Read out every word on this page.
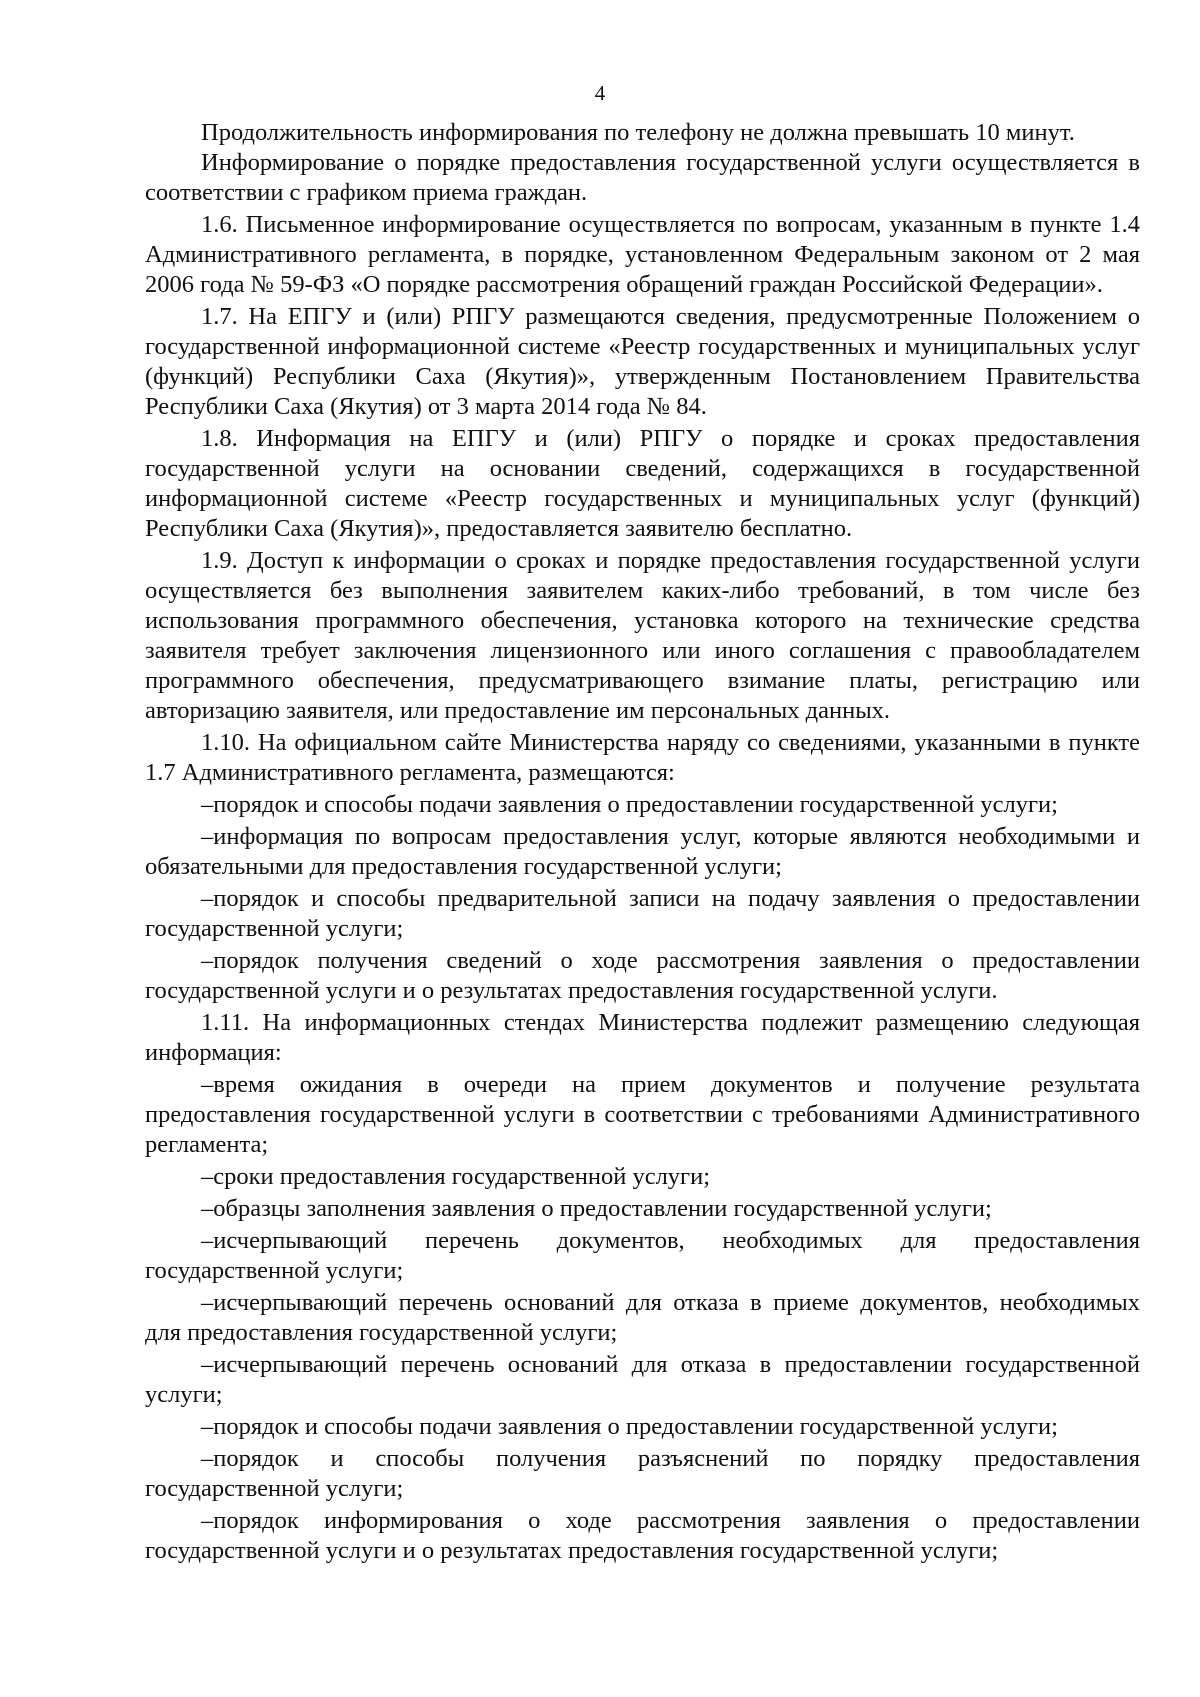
4

Продолжительность информирования по телефону не должна превышать 10 минут.

Информирование о порядке предоставления государственной услуги осуществляется в соответствии с графиком приема граждан.

1.6. Письменное информирование осуществляется по вопросам, указанным в пункте 1.4 Административного регламента, в порядке, установленном Федеральным законом от 2 мая 2006 года № 59-ФЗ «О порядке рассмотрения обращений граждан Российской Федерации».

1.7. На ЕПГУ и (или) РПГУ размещаются сведения, предусмотренные Положением о государственной информационной системе «Реестр государственных и муниципальных услуг (функций) Республики Саха (Якутия)», утвержденным Постановлением Правительства Республики Саха (Якутия) от 3 марта 2014 года № 84.

1.8. Информация на ЕПГУ и (или) РПГУ о порядке и сроках предоставления государственной услуги на основании сведений, содержащихся в государственной информационной системе «Реестр государственных и муниципальных услуг (функций) Республики Саха (Якутия)», предоставляется заявителю бесплатно.

1.9. Доступ к информации о сроках и порядке предоставления государственной услуги осуществляется без выполнения заявителем каких-либо требований, в том числе без использования программного обеспечения, установка которого на технические средства заявителя требует заключения лицензионного или иного соглашения с правообладателем программного обеспечения, предусматривающего взимание платы, регистрацию или авторизацию заявителя, или предоставление им персональных данных.

1.10. На официальном сайте Министерства наряду со сведениями, указанными в пункте 1.7 Административного регламента, размещаются:

–порядок и способы подачи заявления о предоставлении государственной услуги;

–информация по вопросам предоставления услуг, которые являются необходимыми и обязательными для предоставления государственной услуги;

–порядок и способы предварительной записи на подачу заявления о предоставлении государственной услуги;

–порядок получения сведений о ходе рассмотрения заявления о предоставлении государственной услуги и о результатах предоставления государственной услуги.

1.11. На информационных стендах Министерства подлежит размещению следующая информация:

–время ожидания в очереди на прием документов и получение результата предоставления государственной услуги в соответствии с требованиями Административного регламента;

–сроки предоставления государственной услуги;

–образцы заполнения заявления о предоставлении государственной услуги;

–исчерпывающий перечень документов, необходимых для предоставления государственной услуги;

–исчерпывающий перечень оснований для отказа в приеме документов, необходимых для предоставления государственной услуги;

–исчерпывающий перечень оснований для отказа в предоставлении государственной услуги;

–порядок и способы подачи заявления о предоставлении государственной услуги;

–порядок и способы получения разъяснений по порядку предоставления государственной услуги;

–порядок информирования о ходе рассмотрения заявления о предоставлении государственной услуги и о результатах предоставления государственной услуги;
